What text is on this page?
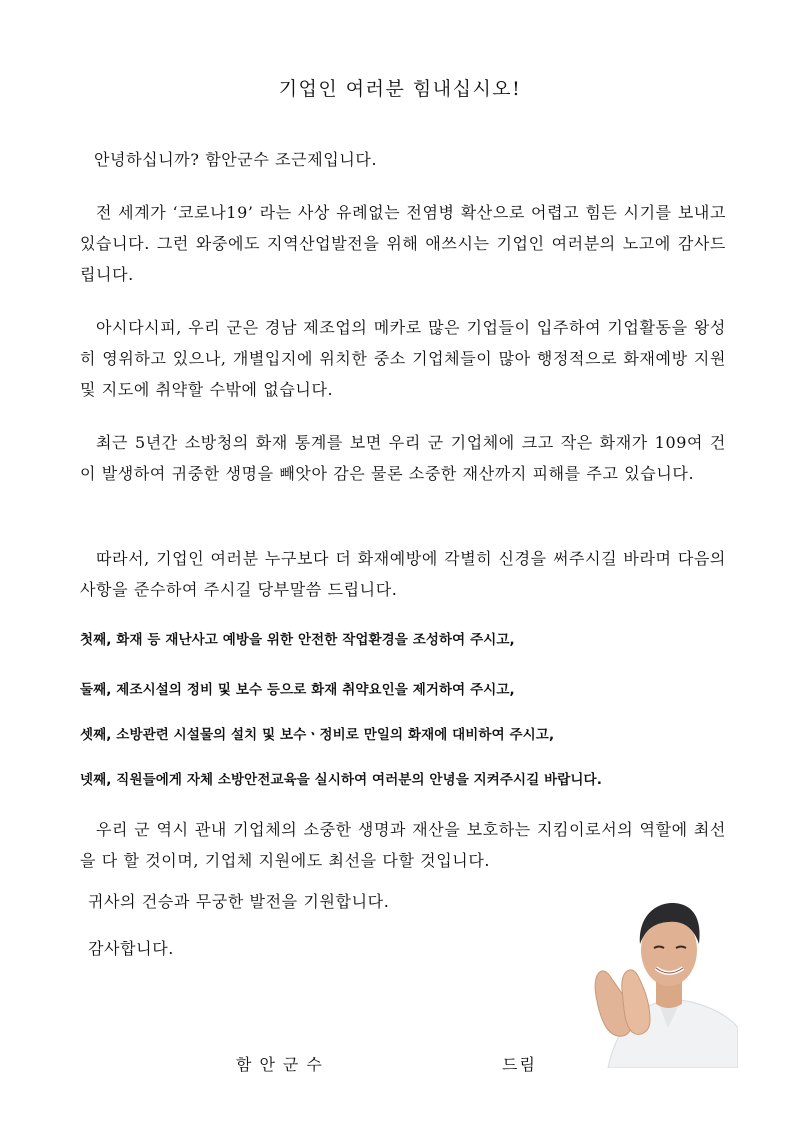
기업인 여러분 힘내십시오!

안녕하십니까? 함안군수 조근제입니다.

전 세계가 ‘코로나19’ 라는 사상 유례없는 전염병 확산으로 어렵고 힘든 시기를 보내고 있습니다. 그런 와중에도 지역산업발전을 위해 애쓰시는 기업인 여러분의 노고에 감사드립니다.

아시다시피, 우리 군은 경남 제조업의 메카로 많은 기업들이 입주하여 기업활동을 왕성히 영위하고 있으나, 개별입지에 위치한 중소 기업체들이 많아 행정적으로 화재예방 지원 및 지도에 취약할 수밖에 없습니다.

최근 5년간 소방청의 화재 통계를 보면 우리 군 기업체에 크고 작은 화재가 109여 건이 발생하여 귀중한 생명을 빼앗아 감은 물론 소중한 재산까지 피해를 주고 있습니다.

따라서, 기업인 여러분 누구보다 더 화재예방에 각별히 신경을 써주시길 바라며 다음의 사항을 준수하여 주시길 당부말씀 드립니다.

첫째, 화재 등 재난사고 예방을 위한 안전한 작업환경을 조성하여 주시고,

둘째, 제조시설의 정비 및 보수 등으로 화재 취약요인을 제거하여 주시고,

셋째, 소방관련 시설물의 설치 및 보수ㆍ정비로 만일의 화재에 대비하여 주시고,

넷째, 직원들에게 자체 소방안전교육을 실시하여 여러분의 안녕을 지켜주시길 바랍니다.

우리 군 역시 관내 기업체의 소중한 생명과 재산을 보호하는 지킴이로서의 역할에 최선을 다 할 것이며, 기업체 지원에도 최선을 다할 것입니다.

귀사의 건승과 무궁한 발전을 기원합니다.

감사합니다.

함안군수	드림
